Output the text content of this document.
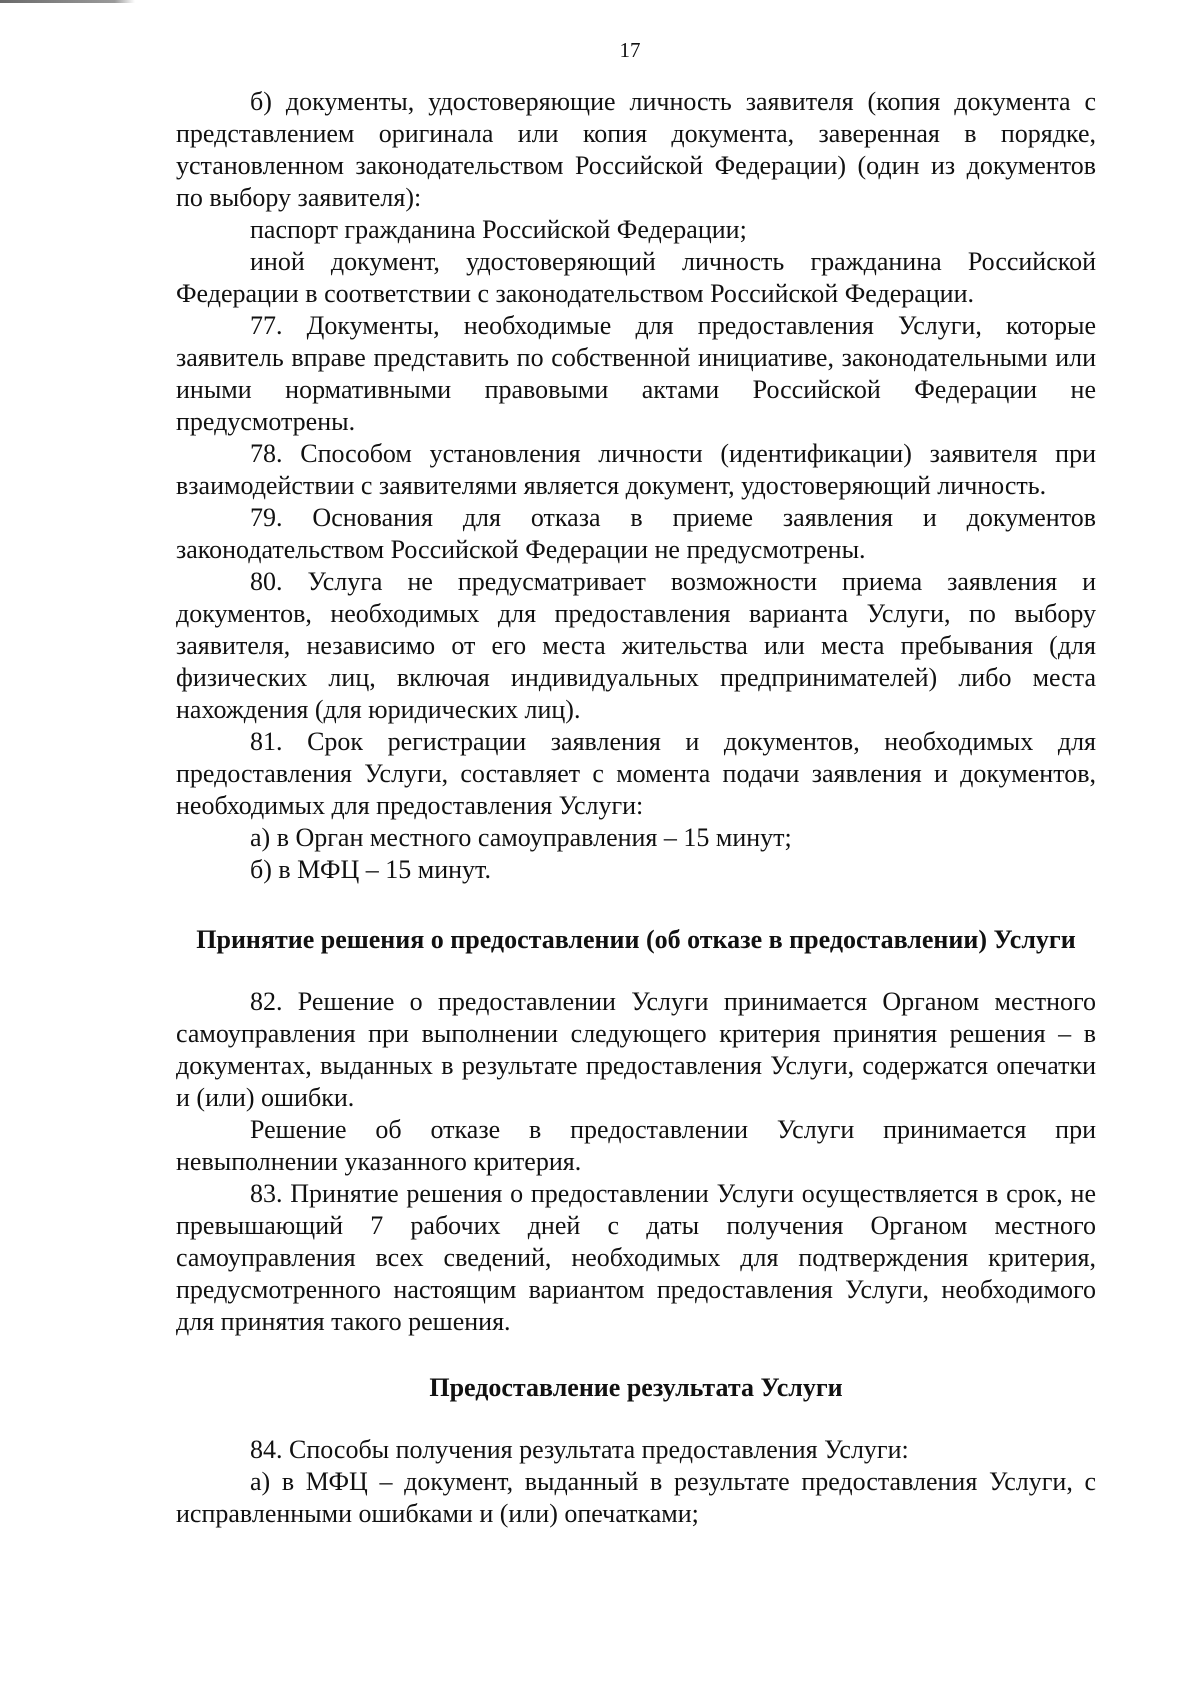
17

б) документы, удостоверяющие личность заявителя (копия документа с представлением оригинала или копия документа, заверенная в порядке, установленном законодательством Российской Федерации) (один из документов по выбору заявителя):

паспорт гражданина Российской Федерации;

иной документ, удостоверяющий личность гражданина Российской Федерации в соответствии с законодательством Российской Федерации.

77. Документы, необходимые для предоставления Услуги, которые заявитель вправе представить по собственной инициативе, законодательными или иными нормативными правовыми актами Российской Федерации не предусмотрены.

78. Способом установления личности (идентификации) заявителя при взаимодействии с заявителями является документ, удостоверяющий личность.

79. Основания для отказа в приеме заявления и документов законодательством Российской Федерации не предусмотрены.

80. Услуга не предусматривает возможности приема заявления и документов, необходимых для предоставления варианта Услуги, по выбору заявителя, независимо от его места жительства или места пребывания (для физических лиц, включая индивидуальных предпринимателей) либо места нахождения (для юридических лиц).

81. Срок регистрации заявления и документов, необходимых для предоставления Услуги, составляет с момента подачи заявления и документов, необходимых для предоставления Услуги:

а) в Орган местного самоуправления – 15 минут;

б) в МФЦ – 15 минут.

Принятие решения о предоставлении (об отказе в предоставлении) Услуги

82. Решение о предоставлении Услуги принимается Органом местного самоуправления при выполнении следующего критерия принятия решения – в документах, выданных в результате предоставления Услуги, содержатся опечатки и (или) ошибки.

Решение об отказе в предоставлении Услуги принимается при невыполнении указанного критерия.

83. Принятие решения о предоставлении Услуги осуществляется в срок, не превышающий 7 рабочих дней с даты получения Органом местного самоуправления всех сведений, необходимых для подтверждения критерия, предусмотренного настоящим вариантом предоставления Услуги, необходимого для принятия такого решения.

Предоставление результата Услуги

84. Способы получения результата предоставления Услуги:

а) в МФЦ – документ, выданный в результате предоставления Услуги, с исправленными ошибками и (или) опечатками;
